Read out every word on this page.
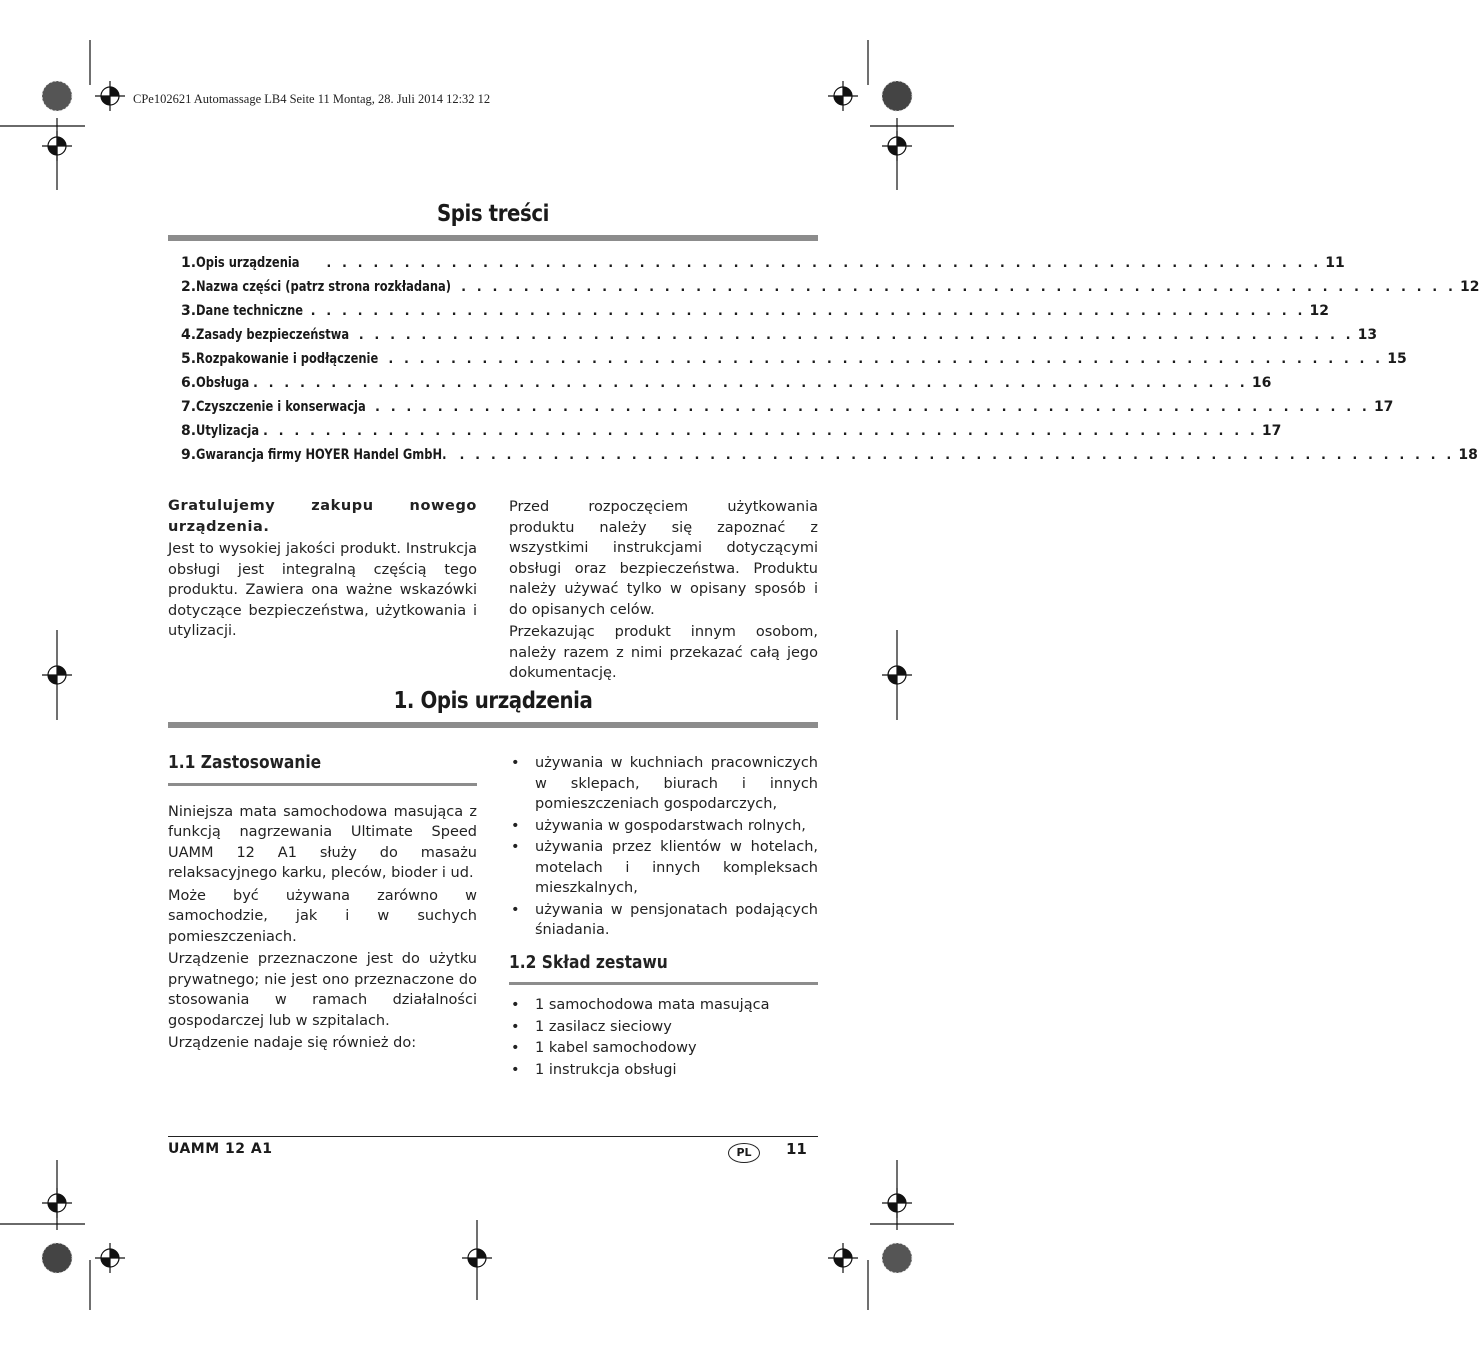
CPe102621 Automassage LB4 Seite 11 Montag, 28. Juli 2014 12:32 12
Spis treści
1. Opis urządzenia . . . . . . . . . . . . . . . . . . . . . . . . . . . . . . . . . . . . . . . . . . . . . . . . . . . . . . . . . . . . . . . . 11
2. Nazwa części (patrz strona rozkładana) . . . . . . . . . . . . . . . . . . . . . . . . . . . . . . . . . . . . . . . . . . . . . . . . . . . . . . . . . . . . . . . . 12
3. Dane techniczne . . . . . . . . . . . . . . . . . . . . . . . . . . . . . . . . . . . . . . . . . . . . . . . . . . . . . . . . . . . . . . . . 12
4. Zasady bezpieczeństwa . . . . . . . . . . . . . . . . . . . . . . . . . . . . . . . . . . . . . . . . . . . . . . . . . . . . . . . . . . . . . . . . 13
5. Rozpakowanie i podłączenie . . . . . . . . . . . . . . . . . . . . . . . . . . . . . . . . . . . . . . . . . . . . . . . . . . . . . . . . . . . . . . . . 15
6. Obsługa . . . . . . . . . . . . . . . . . . . . . . . . . . . . . . . . . . . . . . . . . . . . . . . . . . . . . . . . . . . . . . . . 16
7. Czyszczenie i konserwacja . . . . . . . . . . . . . . . . . . . . . . . . . . . . . . . . . . . . . . . . . . . . . . . . . . . . . . . . . . . . . . . . 17
8. Utylizacja . . . . . . . . . . . . . . . . . . . . . . . . . . . . . . . . . . . . . . . . . . . . . . . . . . . . . . . . . . . . . . . . 17
9. Gwarancja firmy HOYER Handel GmbH. . . . . . . . . . . . . . . . . . . . . . . . . . . . . . . . . . . . . . . . . . . . . . . . . . . . . . . . . . . . . . . . . 18

Gratulujemy zakupu nowego urządzenia.

Jest to wysokiej jakości produkt. Instrukcja obsługi jest integralną częścią tego produktu. Zawiera ona ważne wskazówki dotyczące bezpieczeństwa, użytkowania i utylizacji.

Przed rozpoczęciem użytkowania produktu należy się zapoznać z wszystkimi instrukcjami dotyczącymi obsługi oraz bezpieczeństwa. Produktu należy używać tylko w opisany sposób i do opisanych celów.

Przekazując produkt innym osobom, należy razem z nimi przekazać całą jego dokumentację.

1. Opis urządzenia
1.1 Zastosowanie

Niniejsza mata samochodowa masująca z funkcją nagrzewania Ultimate Speed UAMM 12 A1 służy do masażu relaksacyjnego karku, pleców, bioder i ud.

Może być używana zarówno w samochodzie, jak i w suchych pomieszczeniach.

Urządzenie przeznaczone jest do użytku prywatnego; nie jest ono przeznaczone do stosowania w ramach działalności gospodarczej lub w szpitalach.

Urządzenie nadaje się również do:

• używania w kuchniach pracowniczych w sklepach, biurach i innych pomieszczeniach gospodarczych,
• używania w gospodarstwach rolnych,
• używania przez klientów w hotelach, motelach i innych kompleksach mieszkalnych,
• używania w pensjonatach podających śniadania.
1.2 Skład zestawu
• 1 samochodowa mata masująca
• 1 zasilacz sieciowy
• 1 kabel samochodowy
• 1 instrukcja obsługi
UAMM 12 A1	PL	11
